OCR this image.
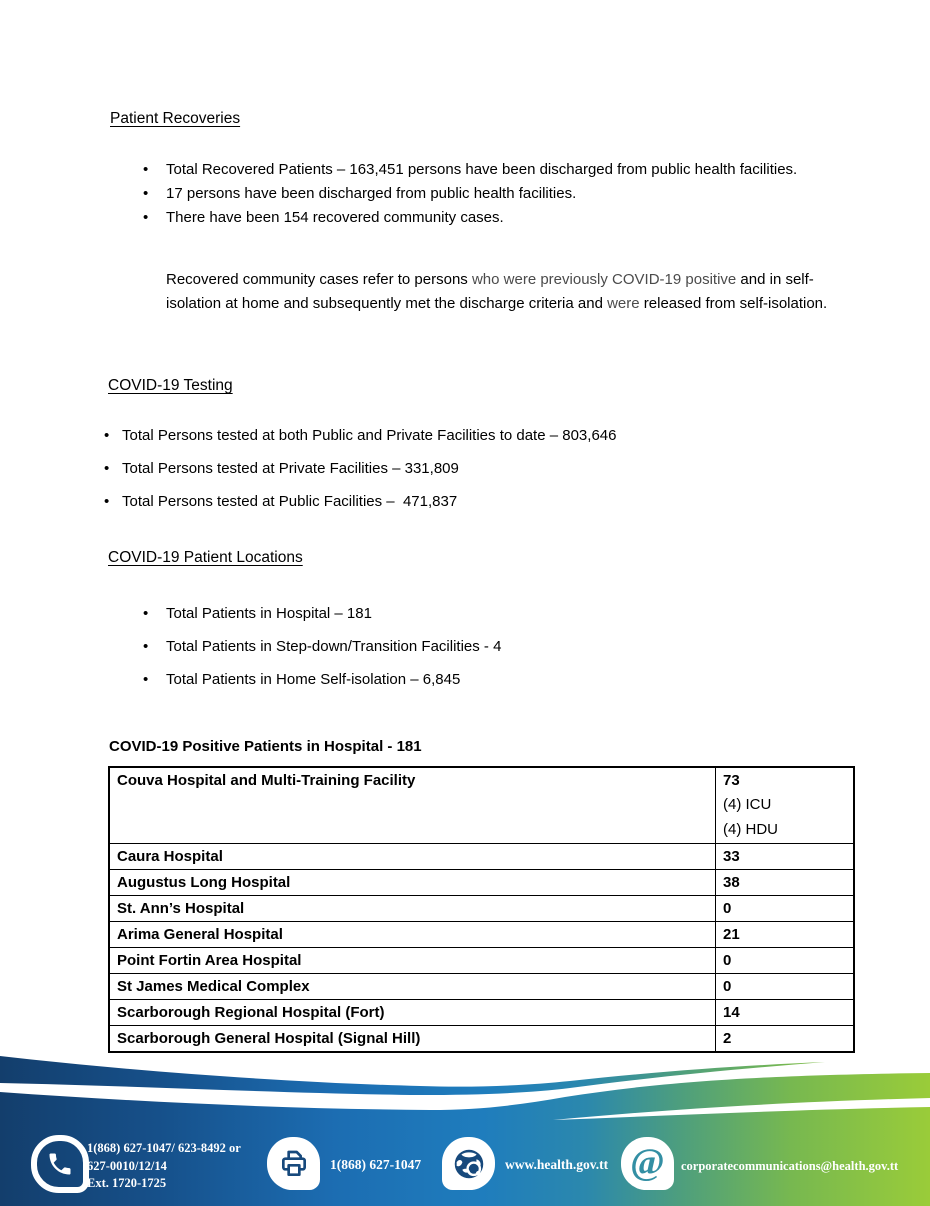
Patient Recoveries
• Total Recovered Patients – 163,451 persons have been discharged from public health facilities.
• 17 persons have been discharged from public health facilities.
• There have been 154 recovered community cases.

Recovered community cases refer to persons who were previously COVID-19 positive and in self-isolation at home and subsequently met the discharge criteria and were released from self-isolation.

COVID-19 Testing
• Total Persons tested at both Public and Private Facilities to date – 803,646
• Total Persons tested at Private Facilities – 331,809
• Total Persons tested at Public Facilities –  471,837
COVID-19 Patient Locations
• Total Patients in Hospital – 181
• Total Patients in Step-down/Transition Facilities - 4
• Total Patients in Home Self-isolation – 6,845
COVID-19 Positive Patients in Hospital - 181
Couva Hospital and Multi-Training Facility	73
(4) ICU
(4) HDU

Caura Hospital	33

Augustus Long Hospital	38

St. Ann’s Hospital	0

Arima General Hospital	21

Point Fortin Area Hospital	0

St James Medical Complex	0

Scarborough Regional Hospital (Fort)	14

Scarborough General Hospital (Signal Hill)	2
1(868) 627-1047/ 623-8492 or
627-0010/12/14
Ext. 1720-1725
1(868) 627-1047	www.health.gov.tt @ corporatecommunications@health.gov.tt
